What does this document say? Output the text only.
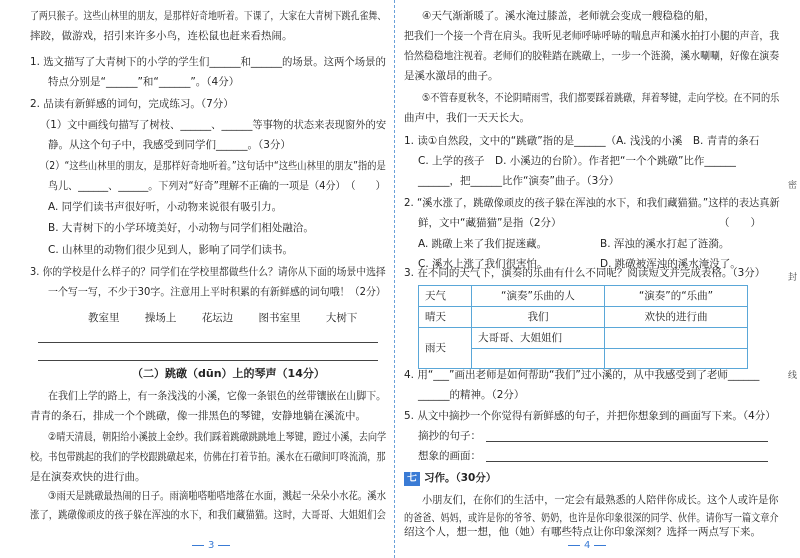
了两只猴子。这些山林里的朋友，是那样好奇地听着。下课了，大家在大青树下跳孔雀舞、
摔跤，做游戏，招引来许多小鸟，连松鼠也赶来看热闹。
1. 选文描写了大青树下的小学的学生们______和______的场景。这两个场景的
特点分别是“______”和“______”。（4分）
2. 品读有新鲜感的词句，完成练习。（7分）
（1）文中画线句描写了树枝、______、______等事物的状态来表现窗外的安
静。从这个句子中，我感受到同学们______。（3分）
（2）“这些山林里的朋友，是那样好奇地听着。”这句话中“这些山林里的朋友”指的是
鸟儿、______、______。下列对“好奇”理解不正确的一项是（4分）　（　　）
A. 同学们读书声很好听，小动物来说很有吸引力。
B. 大青树下的小学环境美好，小动物与同学们相处融洽。
C. 山林里的动物们很少见到人，影响了同学们读书。
3. 你的学校是什么样子的？同学们在学校里都做些什么？请你从下面的场景中选择
一个写一写，不少于30字。注意用上平时积累的有新鲜感的词句哦！（2分）
教室里 操场上 花坛边 图书室里 大树下
（二）跳礅（dūn）上的琴声（14分）
在我们上学的路上，有一条浅浅的小溪，它像一条银色的丝带镶嵌在山脚下。
青青的条石，排成一个个跳礅，像一排黑色的琴键，安静地躺在溪流中。
②晴天清晨，朝阳给小溪披上金纱。我们踩着跳礅跳跳地上琴键，蹬过小溪，去向学
校。书包带跳起的我们的学校跟跳礅起来，仿佛在打着节拍。溪水在石礅间叮咚流淌，那
是在演奏欢快的进行曲。
③雨天是跳礅最热闹的日子。雨滴啪嗒啪嗒地落在水面，溅起一朵朵小水花。溪水
涨了，跳礅像顽皮的孩子躲在浑浊的水下，和我们藏猫猫。这时，大哥哥、大姐姐们会
3
④天气渐渐暖了。溪水淹过膝盖，老师就会变成一艘稳稳的船，
把我们一个接一个背在肩头。我听见老师呼哧呼哧的喘息声和溪水拍打小腿的声音，我
恰然稳稳地注视着。老师们的胶鞋踏在跳礅上，一步一个涟漪，溪水唰唰，好像在演奏
是溪水激昂的曲子。
⑤不管春夏秋冬，不论阴晴雨雪，我们都要踩着跳礅，拜着琴键，走向学校。在不同的乐
曲声中，我们一天天长大。
1. 读①自然段，文中的“跳礅”指的是______（A. 浅浅的小溪　B. 青青的条石
C. 上学的孩子　D. 小溪边的台阶）。作者把“一个个跳礅”比作______
______，把______比作“演奏”曲子。（3分）
2. “溪水涨了，跳礅像顽皮的孩子躲在浑浊的水下，和我们藏猫猫。”这样的表达真新
鲜，文中“藏猫猫”是指（2分）　　　　　　　　　　　　　　　　（　　）
A. 跳礅上来了我们捉迷藏。	B. 浑浊的溪水打起了涟漪。
C. 溪水上涨了我们很害怕。	D. 跳礅被浑浊的溪水淹没了。
3. 在不同的天气下，演奏的乐曲有什么不同呢？阅读短文并完成表格。（3分）
天气	“演奏”乐曲的人	“演奏”的“乐曲”
晴天	我们	欢快的进行曲
雨天	大哥哥、大姐姐们	

4. 用“___”画出老师是如何帮助“我们”过小溪的，从中我感受到了老师______
______的精神。（2分）
5. 从文中摘抄一个你觉得有新鲜感的句子，并把你想象到的画面写下来。（4分）
摘抄的句子：
想象的画面：
七 习作。（30分）
小朋友们，在你们的生活中，一定会有最熟悉的人陪伴你成长。这个人或许是你
的爸爸、妈妈，或许是你的爷爷、奶奶，也许是你印象很深的同学、伙伴。请你写一篇文章介
绍这个人，想一想，他（她）有哪些特点让你印象深刻？选择一两点写下来。
4
密
封
线
